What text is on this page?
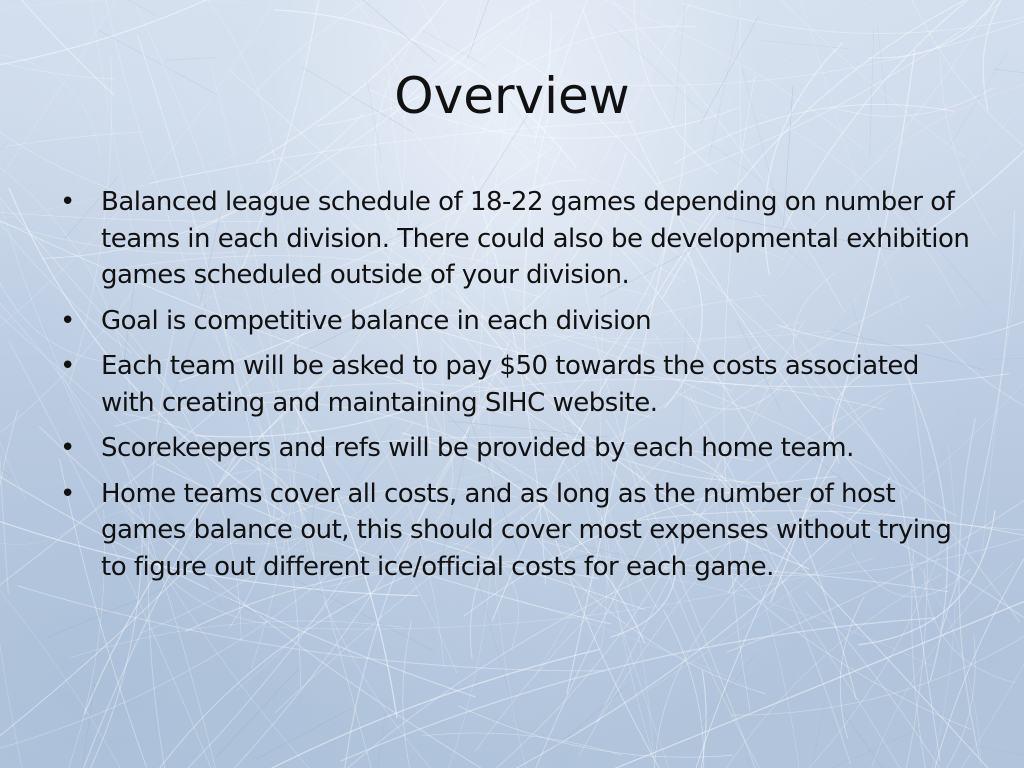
Overview
• Balanced league schedule of 18-22 games depending on number of teams in each division. There could also be developmental exhibition games scheduled outside of your division.
• Goal is competitive balance in each division
• Each team will be asked to pay $50 towards the costs associated with creating and maintaining SIHC website.
• Scorekeepers and refs will be provided by each home team.
• Home teams cover all costs, and as long as the number of host games balance out, this should cover most expenses without trying to figure out different ice/official costs for each game.
